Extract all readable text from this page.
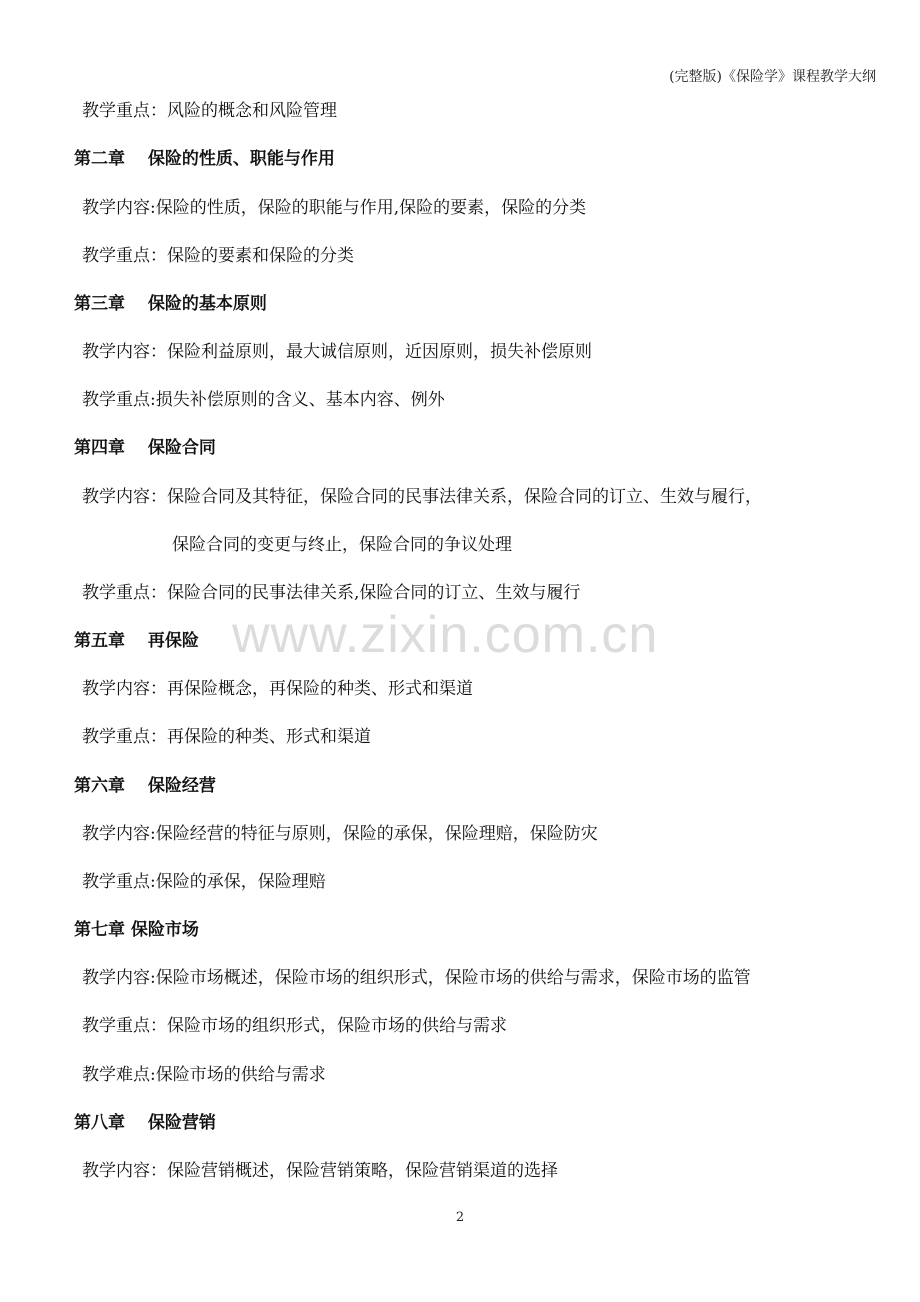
(完整版)《保险学》课程教学大纲
www.zixin.com.cn
教学重点：风险的概念和风险管理
第二章　 保险的性质、职能与作用
教学内容:保险的性质，保险的职能与作用,保险的要素，保险的分类
教学重点：保险的要素和保险的分类
第三章　 保险的基本原则
教学内容：保险利益原则，最大诚信原则，近因原则，损失补偿原则
教学重点:损失补偿原则的含义、基本内容、例外
第四章　 保险合同
教学内容：保险合同及其特征，保险合同的民事法律关系，保险合同的订立、生效与履行，
保险合同的变更与终止，保险合同的争议处理
教学重点：保险合同的民事法律关系,保险合同的订立、生效与履行
第五章　 再保险
教学内容：再保险概念，再保险的种类、形式和渠道
教学重点：再保险的种类、形式和渠道
第六章　 保险经营
教学内容:保险经营的特征与原则，保险的承保，保险理赔，保险防灾
教学重点:保险的承保，保险理赔
第七章 保险市场
教学内容:保险市场概述，保险市场的组织形式，保险市场的供给与需求，保险市场的监管
教学重点：保险市场的组织形式，保险市场的供给与需求
教学难点:保险市场的供给与需求
第八章　 保险营销
教学内容：保险营销概述，保险营销策略，保险营销渠道的选择
2
